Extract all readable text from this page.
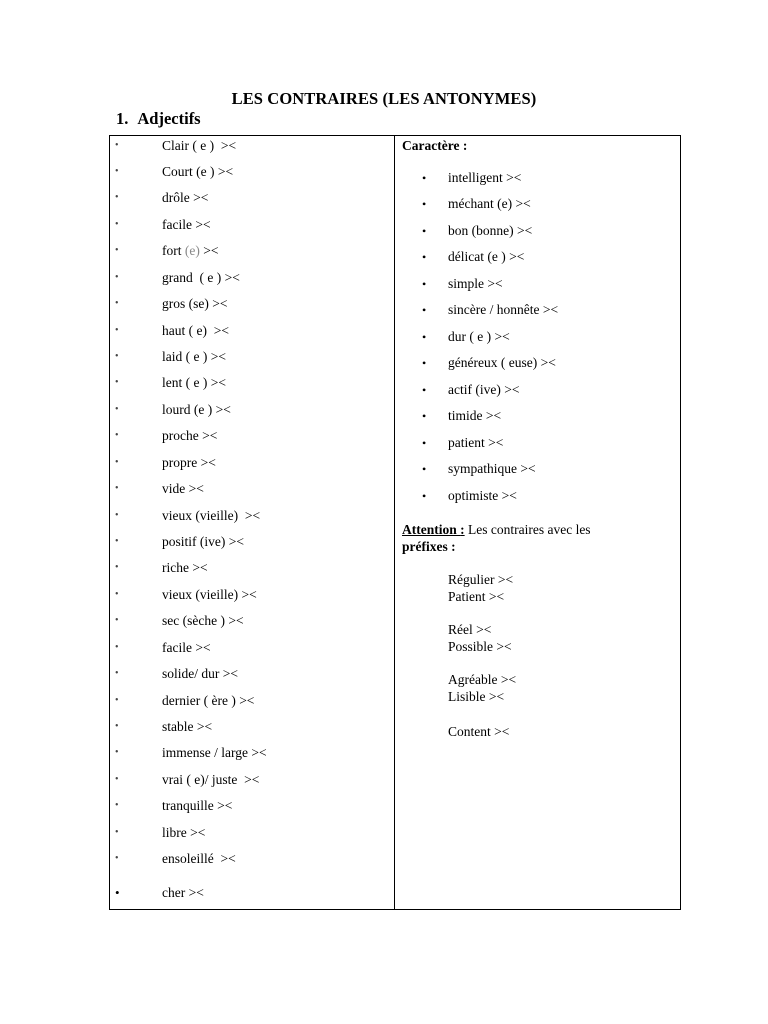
LES CONTRAIRES (LES ANTONYMES)
1. Adjectifs
•	Clair ( e )  ><
•	Court (e ) ><
•	drôle ><
•	facile ><
•	fort (e) ><
•	grand  ( e ) ><
•	gros (se) ><
•	haut ( e)  ><
•	laid ( e ) ><
•	lent ( e ) ><
•	lourd (e ) ><
•	proche ><
•	propre ><
•	vide ><
•	vieux (vieille)  ><
•	positif (ive) ><
•	riche ><
•	vieux (vieille) ><
•	sec (sèche ) ><
•	facile ><
•	solide/ dur ><
•	dernier ( ère ) ><
•	stable ><
•	immense / large ><
•	vrai ( e)/ juste  ><
•	tranquille ><
•	libre ><
•	ensoleillé  ><
•	cher ><
Caractère :
• intelligent ><
• méchant (e) ><
• bon (bonne) ><
• délicat (e ) ><
• simple ><
• sincère / honnête ><
• dur ( e ) ><
• généreux ( euse) ><
• actif (ive) ><
• timide ><
• patient ><
• sympathique ><
• optimiste ><
Attention : Les contraires avec les
préfixes :
Régulier ><
Patient ><
Réel ><
Possible ><
Agréable ><
Lisible ><
Content ><
